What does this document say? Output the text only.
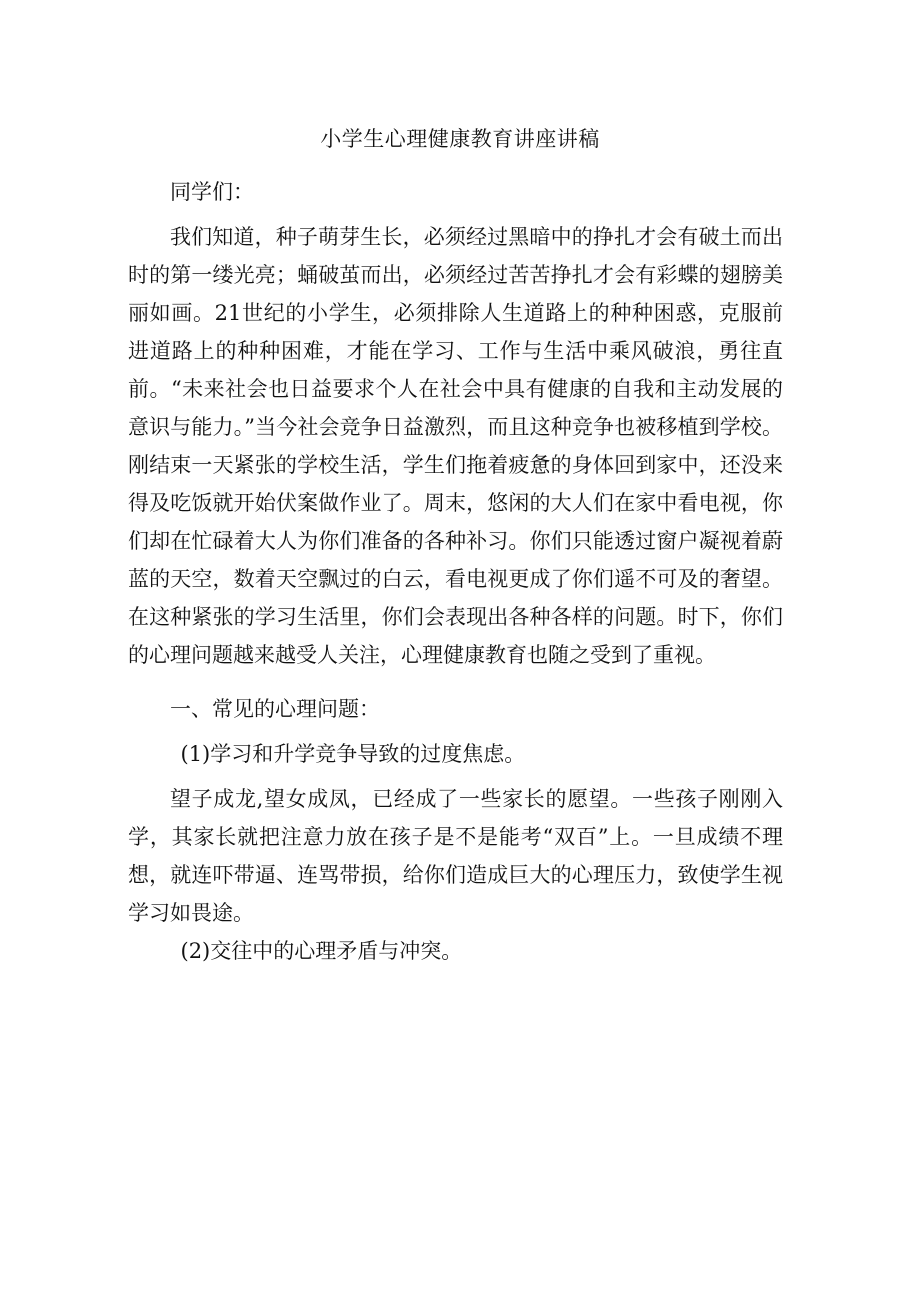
小学生心理健康教育讲座讲稿

同学们：

我们知道，种子萌芽生长，必须经过黑暗中的挣扎才会有破土而出时的第一缕光亮；蛹破茧而出，必须经过苦苦挣扎才会有彩蝶的翅膀美丽如画。21世纪的小学生，必须排除人生道路上的种种困惑，克服前进道路上的种种困难，才能在学习、工作与生活中乘风破浪，勇往直前。“未来社会也日益要求个人在社会中具有健康的自我和主动发展的意识与能力。”当今社会竞争日益激烈，而且这种竞争也被移植到学校。刚结束一天紧张的学校生活，学生们拖着疲惫的身体回到家中，还没来得及吃饭就开始伏案做作业了。周末，悠闲的大人们在家中看电视，你们却在忙碌着大人为你们准备的各种补习。你们只能透过窗户凝视着蔚蓝的天空，数着天空飘过的白云，看电视更成了你们遥不可及的奢望。在这种紧张的学习生活里，你们会表现出各种各样的问题。时下，你们的心理问题越来越受人关注，心理健康教育也随之受到了重视。

一、常见的心理问题：

(1)学习和升学竞争导致的过度焦虑。

望子成龙,望女成凤，已经成了一些家长的愿望。一些孩子刚刚入学，其家长就把注意力放在孩子是不是能考“双百”上。一旦成绩不理想，就连吓带逼、连骂带损，给你们造成巨大的心理压力，致使学生视学习如畏途。

(2)交往中的心理矛盾与冲突。
